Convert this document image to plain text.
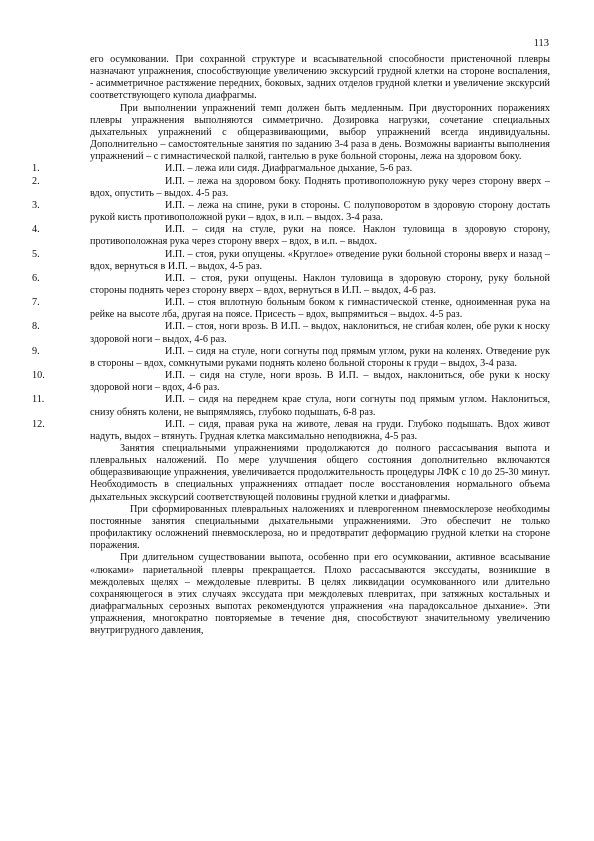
113

его осумковании. При сохранной структуре и всасывательной способности пристеночной плевры назначают упражнения, способствующие увеличению экскурсий грудной клетки на стороне воспаления, - асимметричное растяжение передних, боковых, задних отделов грудной клетки и увеличение экскурсий соответствующего купола диафрагмы.

При выполнении упражнений темп должен быть медленным. При двусторонних поражениях плевры упражнения выполняются симметрично. Дозировка нагрузки, сочетание специальных дыхательных упражнений с общеразвивающими, выбор упражнений всегда индивидуальны. Дополнительно – самостоятельные занятия по заданию 3-4 раза в день. Возможны варианты выполнения упражнений – с гимнастической палкой, гантелью в руке больной стороны, лежа на здоровом боку.

1.	И.П. – лежа или сидя. Диафрагмальное дыхание, 5-6 раз.
2.	И.П. – лежа на здоровом боку. Поднять противоположную руку через сторону вверх – вдох, опустить – выдох. 4-5 раз.
3.	И.П. – лежа на спине, руки в стороны. С полуповоротом в здоровую сторону достать рукой кисть противоположной руки – вдох, в и.п. – выдох. 3-4 раза.
4.	И.П. – сидя на стуле, руки на поясе. Наклон туловища в здоровую сторону, противоположная рука через сторону вверх – вдох, в и.п. – выдох.
5.	И.П. – стоя, руки опущены. «Круглое» отведение руки больной стороны вверх и назад – вдох, вернуться в И.П. – выдох, 4-5 раз.
6.	И.П. – стоя, руки опущены. Наклон туловища в здоровую сторону, руку больной стороны поднять через сторону вверх – вдох, вернуться в И.П. – выдох, 4-6 раз.
7.	И.П. – стоя вплотную больным боком к гимнастической стенке, одноименная рука на рейке на высоте лба, другая на поясе. Присесть – вдох, выпрямиться – выдох. 4-5 раз.
8.	И.П. – стоя, ноги врозь. В И.П. – выдох, наклониться, не сгибая колен, обе руки к носку здоровой ноги – выдох, 4-6 раз.
9.	И.П. – сидя на стуле, ноги согнуты под прямым углом, руки на коленях. Отведение рук в стороны – вдох, сомкнутыми руками поднять колено больной стороны к груди – выдох, 3-4 раза.
10.	И.П. – сидя на стуле, ноги врозь. В И.П. – выдох, наклониться, обе руки к носку здоровой ноги – вдох, 4-6 раз.
11.	И.П. – сидя на переднем крае стула, ноги согнуты под прямым углом. Наклониться, снизу обнять колени, не выпрямляясь, глубоко подышать, 6-8 раз.
12.	И.П. – сидя, правая рука на животе, левая на груди. Глубоко подышать. Вдох живот надуть, выдох – втянуть. Грудная клетка максимально неподвижна, 4-5 раз.

Занятия специальными упражнениями продолжаются до полного рассасывания выпота и плевральных наложений. По мере улучшения общего состояния дополнительно включаются общеразвивающие упражнения, увеличивается продолжительность процедуры ЛФК с 10 до 25-30 минут. Необходимость в специальных упражнениях отпадает после восстановления нормального объема дыхательных экскурсий соответствующей половины грудной клетки и диафрагмы.

При сформированных плевральных наложениях и плеврогенном пневмосклерозе необходимы постоянные занятия специальными дыхательными упражнениями. Это обеспечит не только профилактику осложнений пневмосклероза, но и предотвратит деформацию грудной клетки на стороне поражения.

При длительном существовании выпота, особенно при его осумковании, активное всасывание «люками» париетальной плевры прекращается. Плохо рассасываются экссудаты, возникшие в междолевых щелях – междолевые плевриты. В целях ликвидации осумкованного или длительно сохраняющегося в этих случаях экссудата при междолевых плевритах, при затяжных костальных и диафрагмальных серозных выпотах рекомендуются упражнения «на парадоксальное дыхание». Эти упражнения, многократно повторяемые в течение дня, способствуют значительному увеличению внутригрудного давления,
